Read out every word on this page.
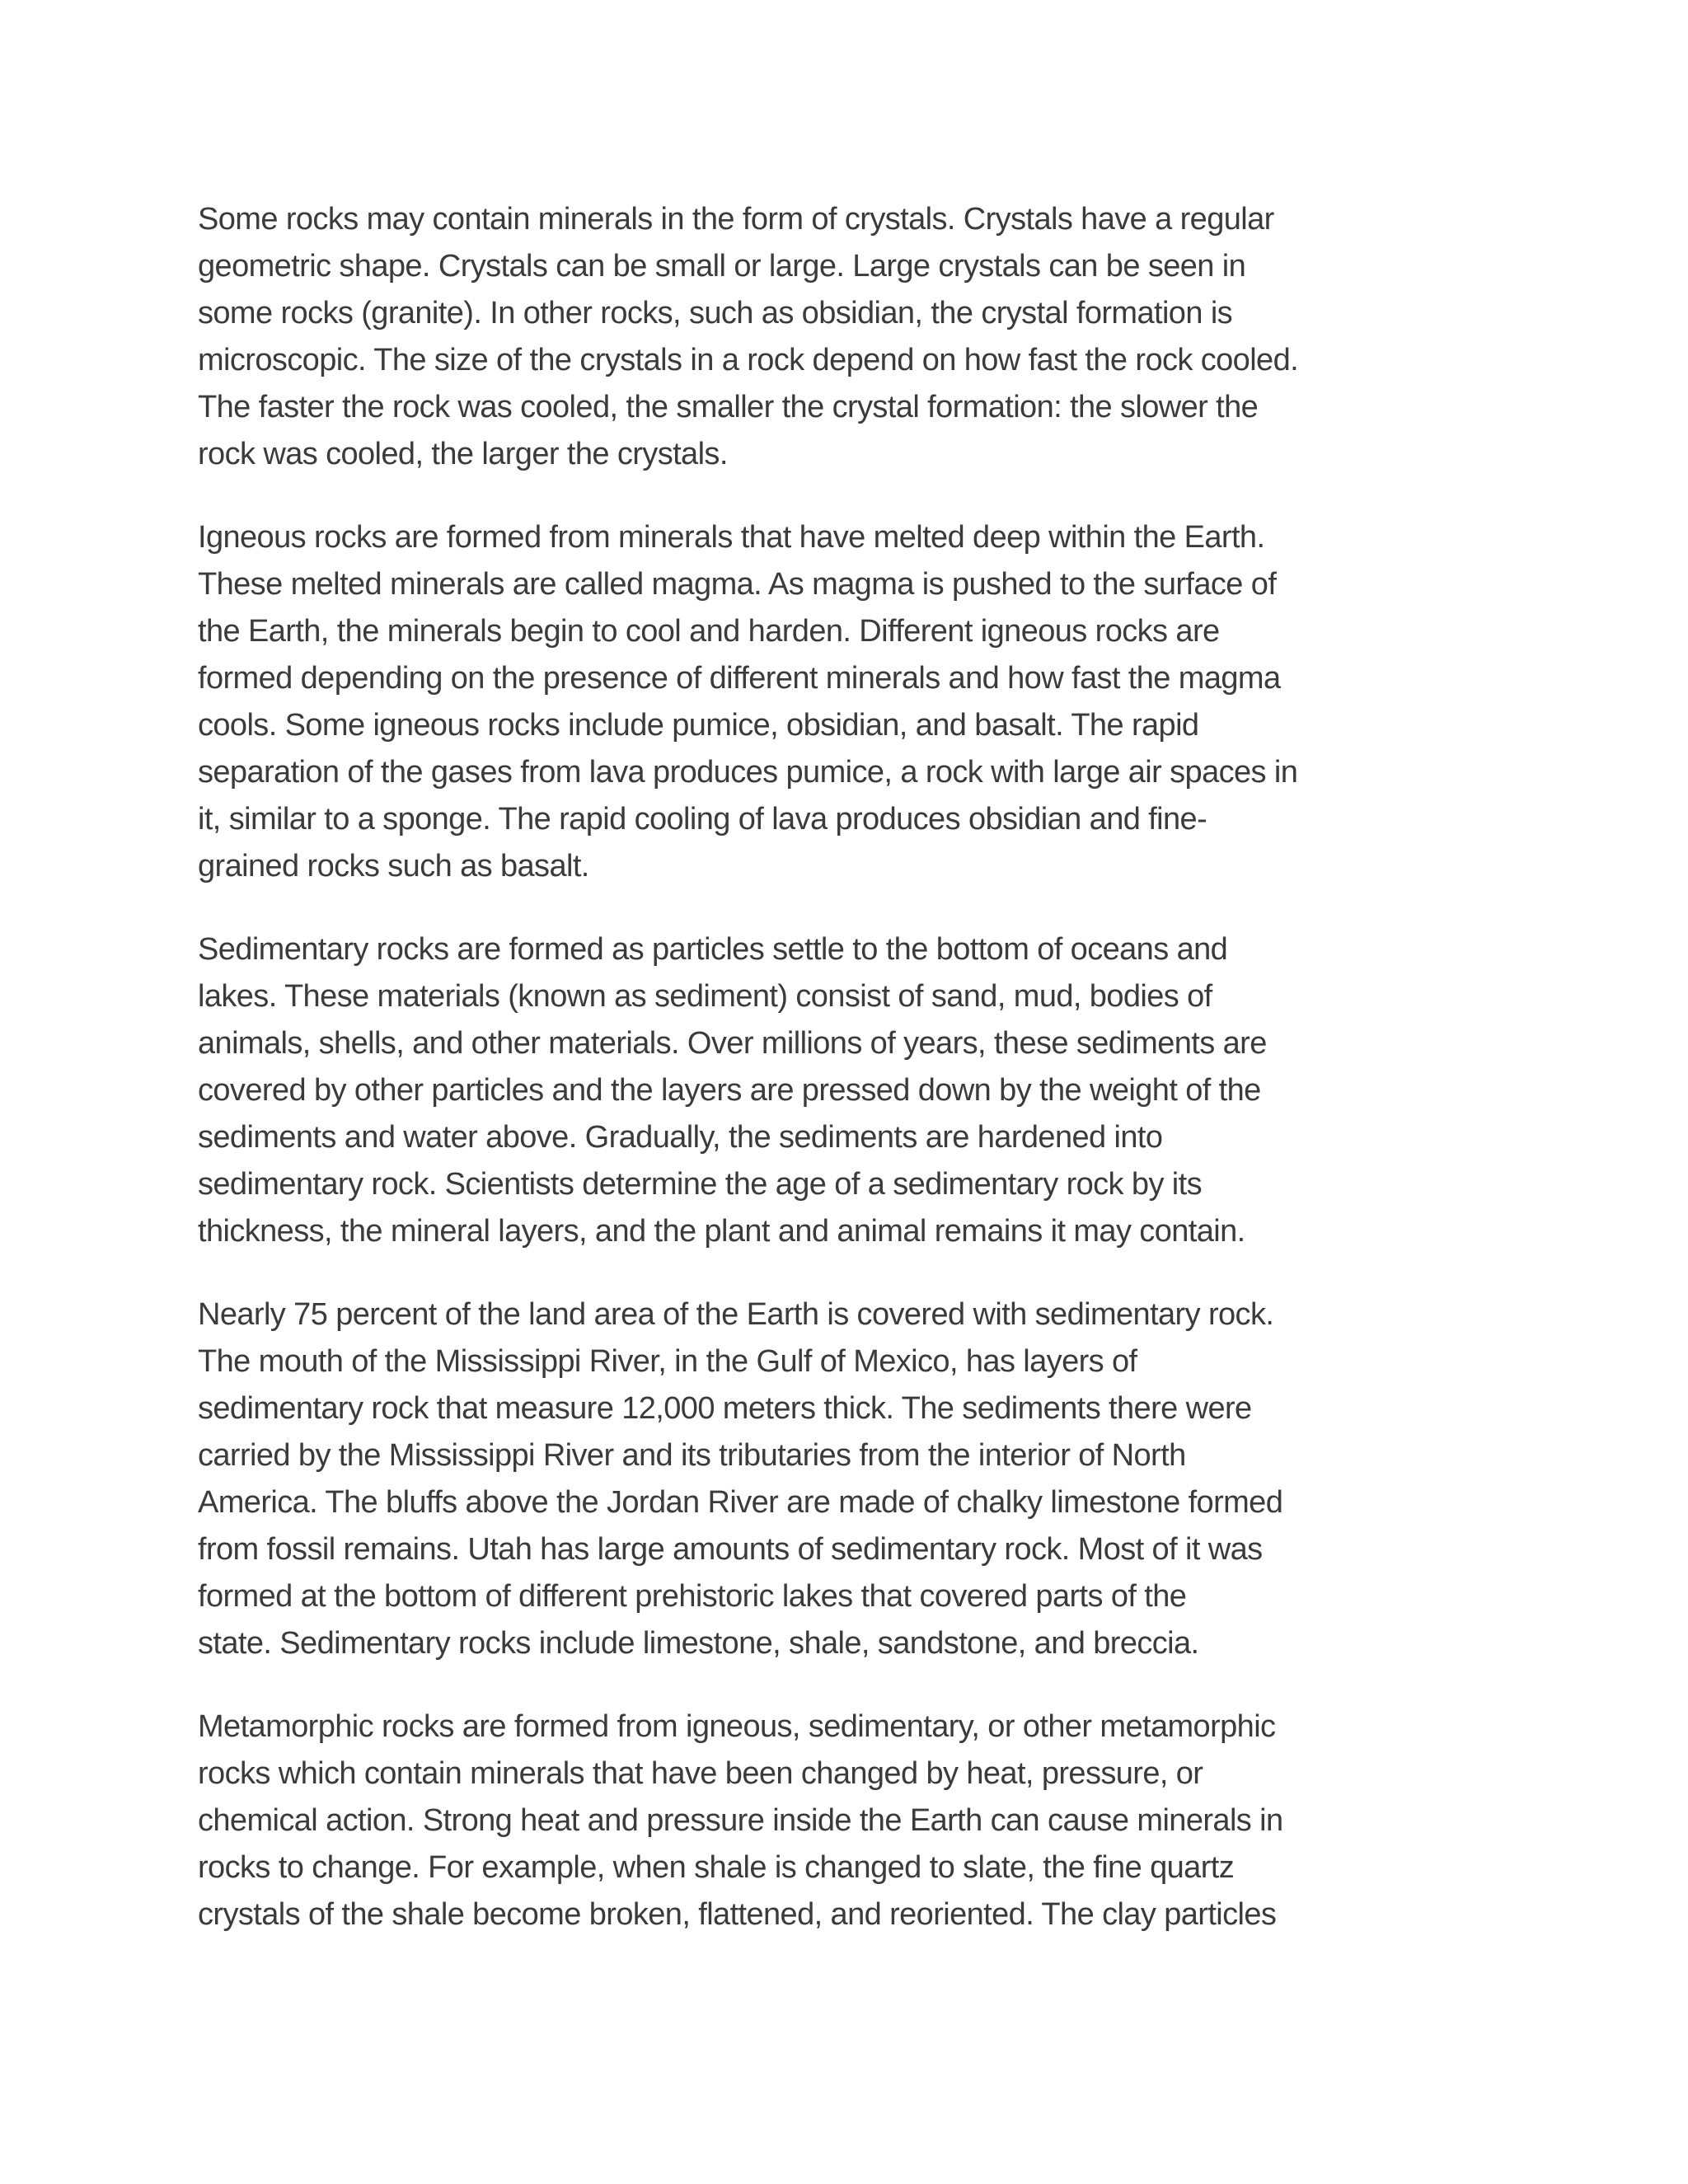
Some rocks may contain minerals in the form of crystals. Crystals have a regular
geometric shape. Crystals can be small or large. Large crystals can be seen in
some rocks (granite). In other rocks, such as obsidian, the crystal formation is
microscopic. The size of the crystals in a rock depend on how fast the rock cooled.
The faster the rock was cooled, the smaller the crystal formation: the slower the
rock was cooled, the larger the crystals.

Igneous rocks are formed from minerals that have melted deep within the Earth.
These melted minerals are called magma. As magma is pushed to the surface of
the Earth, the minerals begin to cool and harden. Different igneous rocks are
formed depending on the presence of different minerals and how fast the magma
cools. Some igneous rocks include pumice, obsidian, and basalt. The rapid
separation of the gases from lava produces pumice, a rock with large air spaces in
it, similar to a sponge. The rapid cooling of lava produces obsidian and fine-
grained rocks such as basalt.

Sedimentary rocks are formed as particles settle to the bottom of oceans and
lakes. These materials (known as sediment) consist of sand, mud, bodies of
animals, shells, and other materials. Over millions of years, these sediments are
covered by other particles and the layers are pressed down by the weight of the
sediments and water above. Gradually, the sediments are hardened into
sedimentary rock. Scientists determine the age of a sedimentary rock by its
thickness, the mineral layers, and the plant and animal remains it may contain.

Nearly 75 percent of the land area of the Earth is covered with sedimentary rock.
The mouth of the Mississippi River, in the Gulf of Mexico, has layers of
sedimentary rock that measure 12,000 meters thick. The sediments there were
carried by the Mississippi River and its tributaries from the interior of North
America. The bluffs above the Jordan River are made of chalky limestone formed
from fossil remains. Utah has large amounts of sedimentary rock. Most of it was
formed at the bottom of different prehistoric lakes that covered parts of the
state. Sedimentary rocks include limestone, shale, sandstone, and breccia.

Metamorphic rocks are formed from igneous, sedimentary, or other metamorphic
rocks which contain minerals that have been changed by heat, pressure, or
chemical action. Strong heat and pressure inside the Earth can cause minerals in
rocks to change. For example, when shale is changed to slate, the fine quartz
crystals of the shale become broken, flattened, and reoriented. The clay particles
